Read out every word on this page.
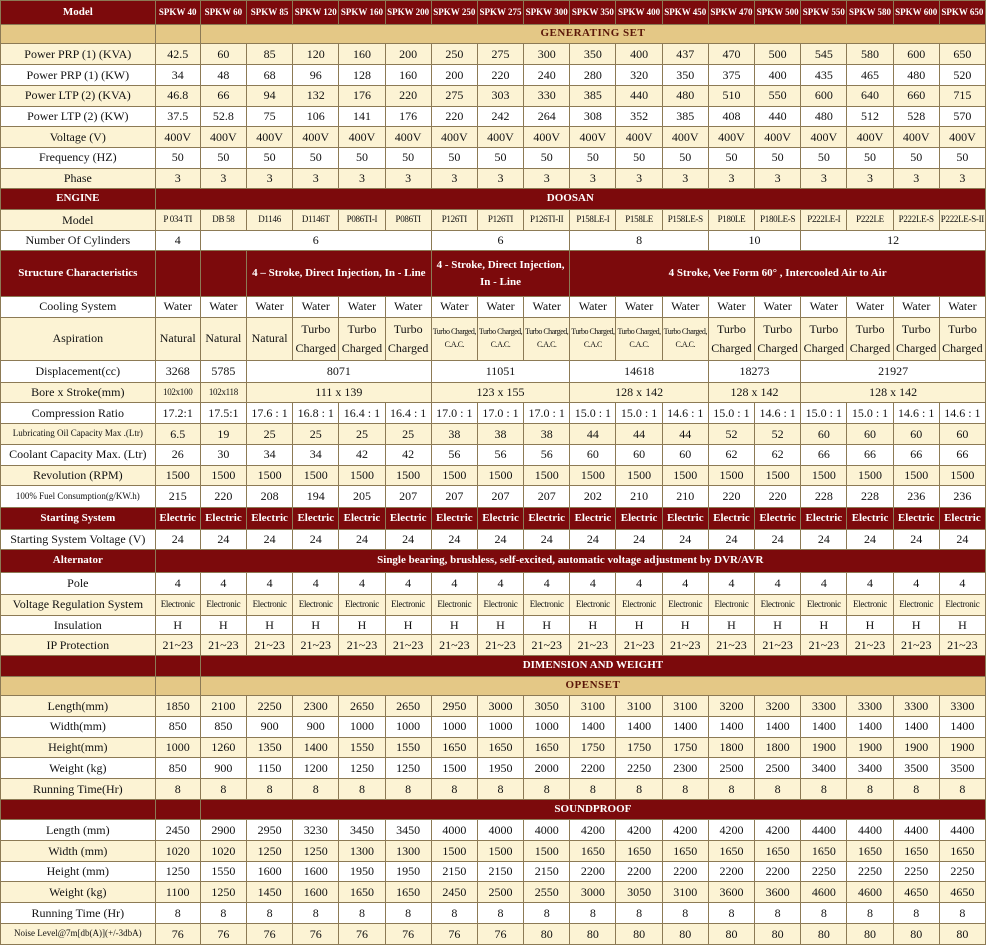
Model	SPKW 40	SPKW 60	SPKW 85	SPKW 120	SPKW 160	SPKW 200	SPKW 250	SPKW 275	SPKW 300	SPKW 350	SPKW 400	SPKW 450	SPKW 470	SPKW 500	SPKW 550	SPKW 580	SPKW 600	SPKW 650
		GENERATING SET																
Power PRP (1) (KVA)	42.5	60	85	120	160	200	250	275	300	350	400	437	470	500	545	580	600	650
Power PRP (1) (KW)	34	48	68	96	128	160	200	220	240	280	320	350	375	400	435	465	480	520
Power LTP (2) (KVA)	46.8	66	94	132	176	220	275	303	330	385	440	480	510	550	600	640	660	715
Power LTP (2) (KW)	37.5	52.8	75	106	141	176	220	242	264	308	352	385	408	440	480	512	528	570
Voltage (V)	400V	400V	400V	400V	400V	400V	400V	400V	400V	400V	400V	400V	400V	400V	400V	400V	400V	400V
Frequency (HZ)	50	50	50	50	50	50	50	50	50	50	50	50	50	50	50	50	50	50
Phase	3	3	3	3	3	3	3	3	3	3	3	3	3	3	3	3	3	3
ENGINE	DOOSAN																	
Model	P 034 TI	DB 58	D1146	D1146T	P086TI-I	P086TI	P126TI	P126TI	P126TI-II	P158LE-I	P158LE	P158LE-S	P180LE	P180LE-S	P222LE-I	P222LE	P222LE-S	P222LE-S-II
Number Of Cylinders	4	6					6			8			10		12			
Structure Characteristics			4 – Stroke, Direct Injection, In - Line				4 - Stroke, Direct Injection, In - Line			4 Stroke, Vee Form 60° , Intercooled Air to Air								
Cooling System	Water	Water	Water	Water	Water	Water	Water	Water	Water	Water	Water	Water	Water	Water	Water	Water	Water	Water
Aspiration	Natural	Natural	Natural	Turbo Charged	Turbo Charged	Turbo Charged	Turbo Charged, C.A.C.	Turbo Charged, C.A.C.	Turbo Charged, C.A.C.	Turbo Charged, C.A.C	Turbo Charged, C.A.C.	Turbo Charged, C.A.C.	Turbo Charged	Turbo Charged	Turbo Charged	Turbo Charged	Turbo Charged	Turbo Charged
Displacement(cc)	3268	5785	8071				11051			14618			18273		21927			
Bore x Stroke(mm)	102x100	102x118	111 x 139				123 x 155			128 x 142			128 x 142		128 x 142			
Compression Ratio	17.2:1	17.5:1	17.6 : 1	16.8 : 1	16.4 : 1	16.4 : 1	17.0 : 1	17.0 : 1	17.0 : 1	15.0 : 1	15.0 : 1	14.6 : 1	15.0 : 1	14.6 : 1	15.0 : 1	15.0 : 1	14.6 : 1	14.6 : 1
Lubricating Oil Capacity Max .(Ltr)	6.5	19	25	25	25	25	38	38	38	44	44	44	52	52	60	60	60	60
Coolant Capacity Max. (Ltr)	26	30	34	34	42	42	56	56	56	60	60	60	62	62	66	66	66	66
Revolution (RPM)	1500	1500	1500	1500	1500	1500	1500	1500	1500	1500	1500	1500	1500	1500	1500	1500	1500	1500
100% Fuel Consumption(g/KW.h)	215	220	208	194	205	207	207	207	207	202	210	210	220	220	228	228	236	236
Starting System	Electric	Electric	Electric	Electric	Electric	Electric	Electric	Electric	Electric	Electric	Electric	Electric	Electric	Electric	Electric	Electric	Electric	Electric
Starting System Voltage (V)	24	24	24	24	24	24	24	24	24	24	24	24	24	24	24	24	24	24
Alternator	Single bearing, brushless, self-excited, automatic voltage adjustment by DVR/AVR																	
Pole	4	4	4	4	4	4	4	4	4	4	4	4	4	4	4	4	4	4
Voltage Regulation System	Electronic	Electronic	Electronic	Electronic	Electronic	Electronic	Electronic	Electronic	Electronic	Electronic	Electronic	Electronic	Electronic	Electronic	Electronic	Electronic	Electronic	Electronic
Insulation	H	H	H	H	H	H	H	H	H	H	H	H	H	H	H	H	H	H
IP Protection	21~23	21~23	21~23	21~23	21~23	21~23	21~23	21~23	21~23	21~23	21~23	21~23	21~23	21~23	21~23	21~23	21~23	21~23
		DIMENSION AND WEIGHT																
		OPENSET																
Length(mm)	1850	2100	2250	2300	2650	2650	2950	3000	3050	3100	3100	3100	3200	3200	3300	3300	3300	3300
Width(mm)	850	850	900	900	1000	1000	1000	1000	1000	1400	1400	1400	1400	1400	1400	1400	1400	1400
Height(mm)	1000	1260	1350	1400	1550	1550	1650	1650	1650	1750	1750	1750	1800	1800	1900	1900	1900	1900
Weight (kg)	850	900	1150	1200	1250	1250	1500	1950	2000	2200	2250	2300	2500	2500	3400	3400	3500	3500
Running Time(Hr)	8	8	8	8	8	8	8	8	8	8	8	8	8	8	8	8	8	8
		SOUNDPROOF																
Length (mm)	2450	2900	2950	3230	3450	3450	4000	4000	4000	4200	4200	4200	4200	4200	4400	4400	4400	4400
Width (mm)	1020	1020	1250	1250	1300	1300	1500	1500	1500	1650	1650	1650	1650	1650	1650	1650	1650	1650
Height (mm)	1250	1550	1600	1600	1950	1950	2150	2150	2150	2200	2200	2200	2200	2200	2250	2250	2250	2250
Weight (kg)	1100	1250	1450	1600	1650	1650	2450	2500	2550	3000	3050	3100	3600	3600	4600	4600	4650	4650
Running Time (Hr)	8	8	8	8	8	8	8	8	8	8	8	8	8	8	8	8	8	8
Noise Level@7m[db(A)](+/-3dbA)	76	76	76	76	76	76	76	76	80	80	80	80	80	80	80	80	80	80
